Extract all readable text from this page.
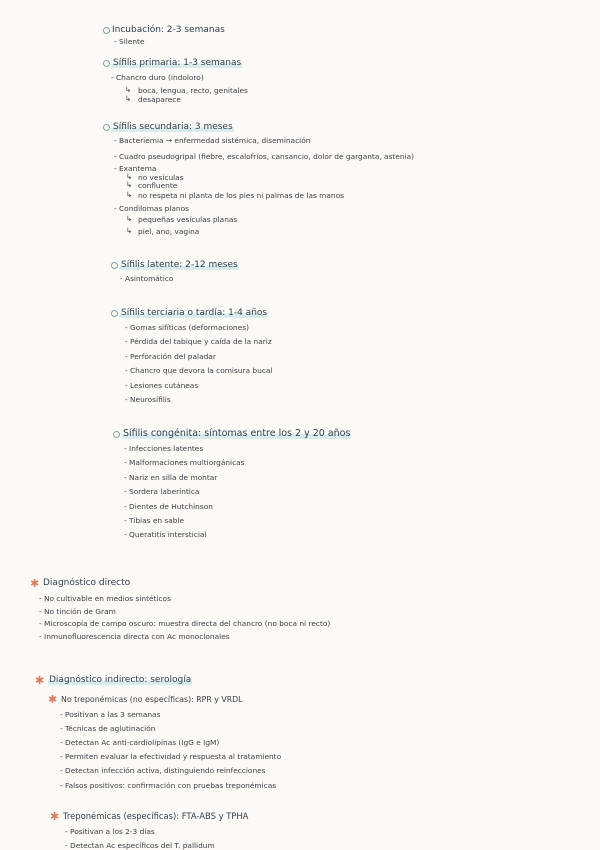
Incubación: 2-3 semanas
- Silente
Sífilis primaria: 1-3 semanas
- Chancro duro (indoloro)
↳ boca, lengua, recto, genitales
↳ desaparece
Sífilis secundaria: 3 meses
- Bacteriemia → enfermedad sistémica, diseminación
- Cuadro pseudogripal (fiebre, escalofríos, cansancio, dolor de garganta, astenia)
- Exantema
↳ no vesículas
↳ confluente
↳ no respeta ni planta de los pies ni palmas de las manos
- Condilomas planos
↳ pequeñas vesículas planas
↳ piel, ano, vagina
Sífilis latente: 2-12 meses
- Asintomático
Sífilis terciaria o tardía: 1-4 años
- Gomas sifíticas (deformaciones)
- Pérdida del tabique y caída de la nariz
- Perforación del paladar
- Chancro que devora la comisura bucal
- Lesiones cutáneas
- Neurosífilis
Sífilis congénita: síntomas entre los 2 y 20 años
- Infecciones latentes
- Malformaciones multiorgánicas
- Nariz en silla de montar
- Sordera laberíntica
- Dientes de Hutchinson
- Tibias en sable
- Queratitis intersticial
✱ Diagnóstico directo
- No cultivable en medios sintéticos
- No tinción de Gram
- Microscopía de campo oscuro: muestra directa del chancro (no boca ni recto)
- Inmunofluorescencia directa con Ac monoclonales
✱ Diagnóstico indirecto: serología
✱ No treponémicas (no específicas): RPR y VRDL
- Positivan a las 3 semanas
- Técnicas de aglutinación
- Detectan Ac anti-cardiolipinas (IgG e IgM)
- Permiten evaluar la efectividad y respuesta al tratamiento
- Detectan infección activa, distinguiendo reinfecciones
- Falsos positivos: confirmación con pruebas treponémicas
✱ Treponémicas (específicas): FTA-ABS y TPHA
- Positivan a los 2-3 días
- Detectan Ac específicos del T. pallidum
